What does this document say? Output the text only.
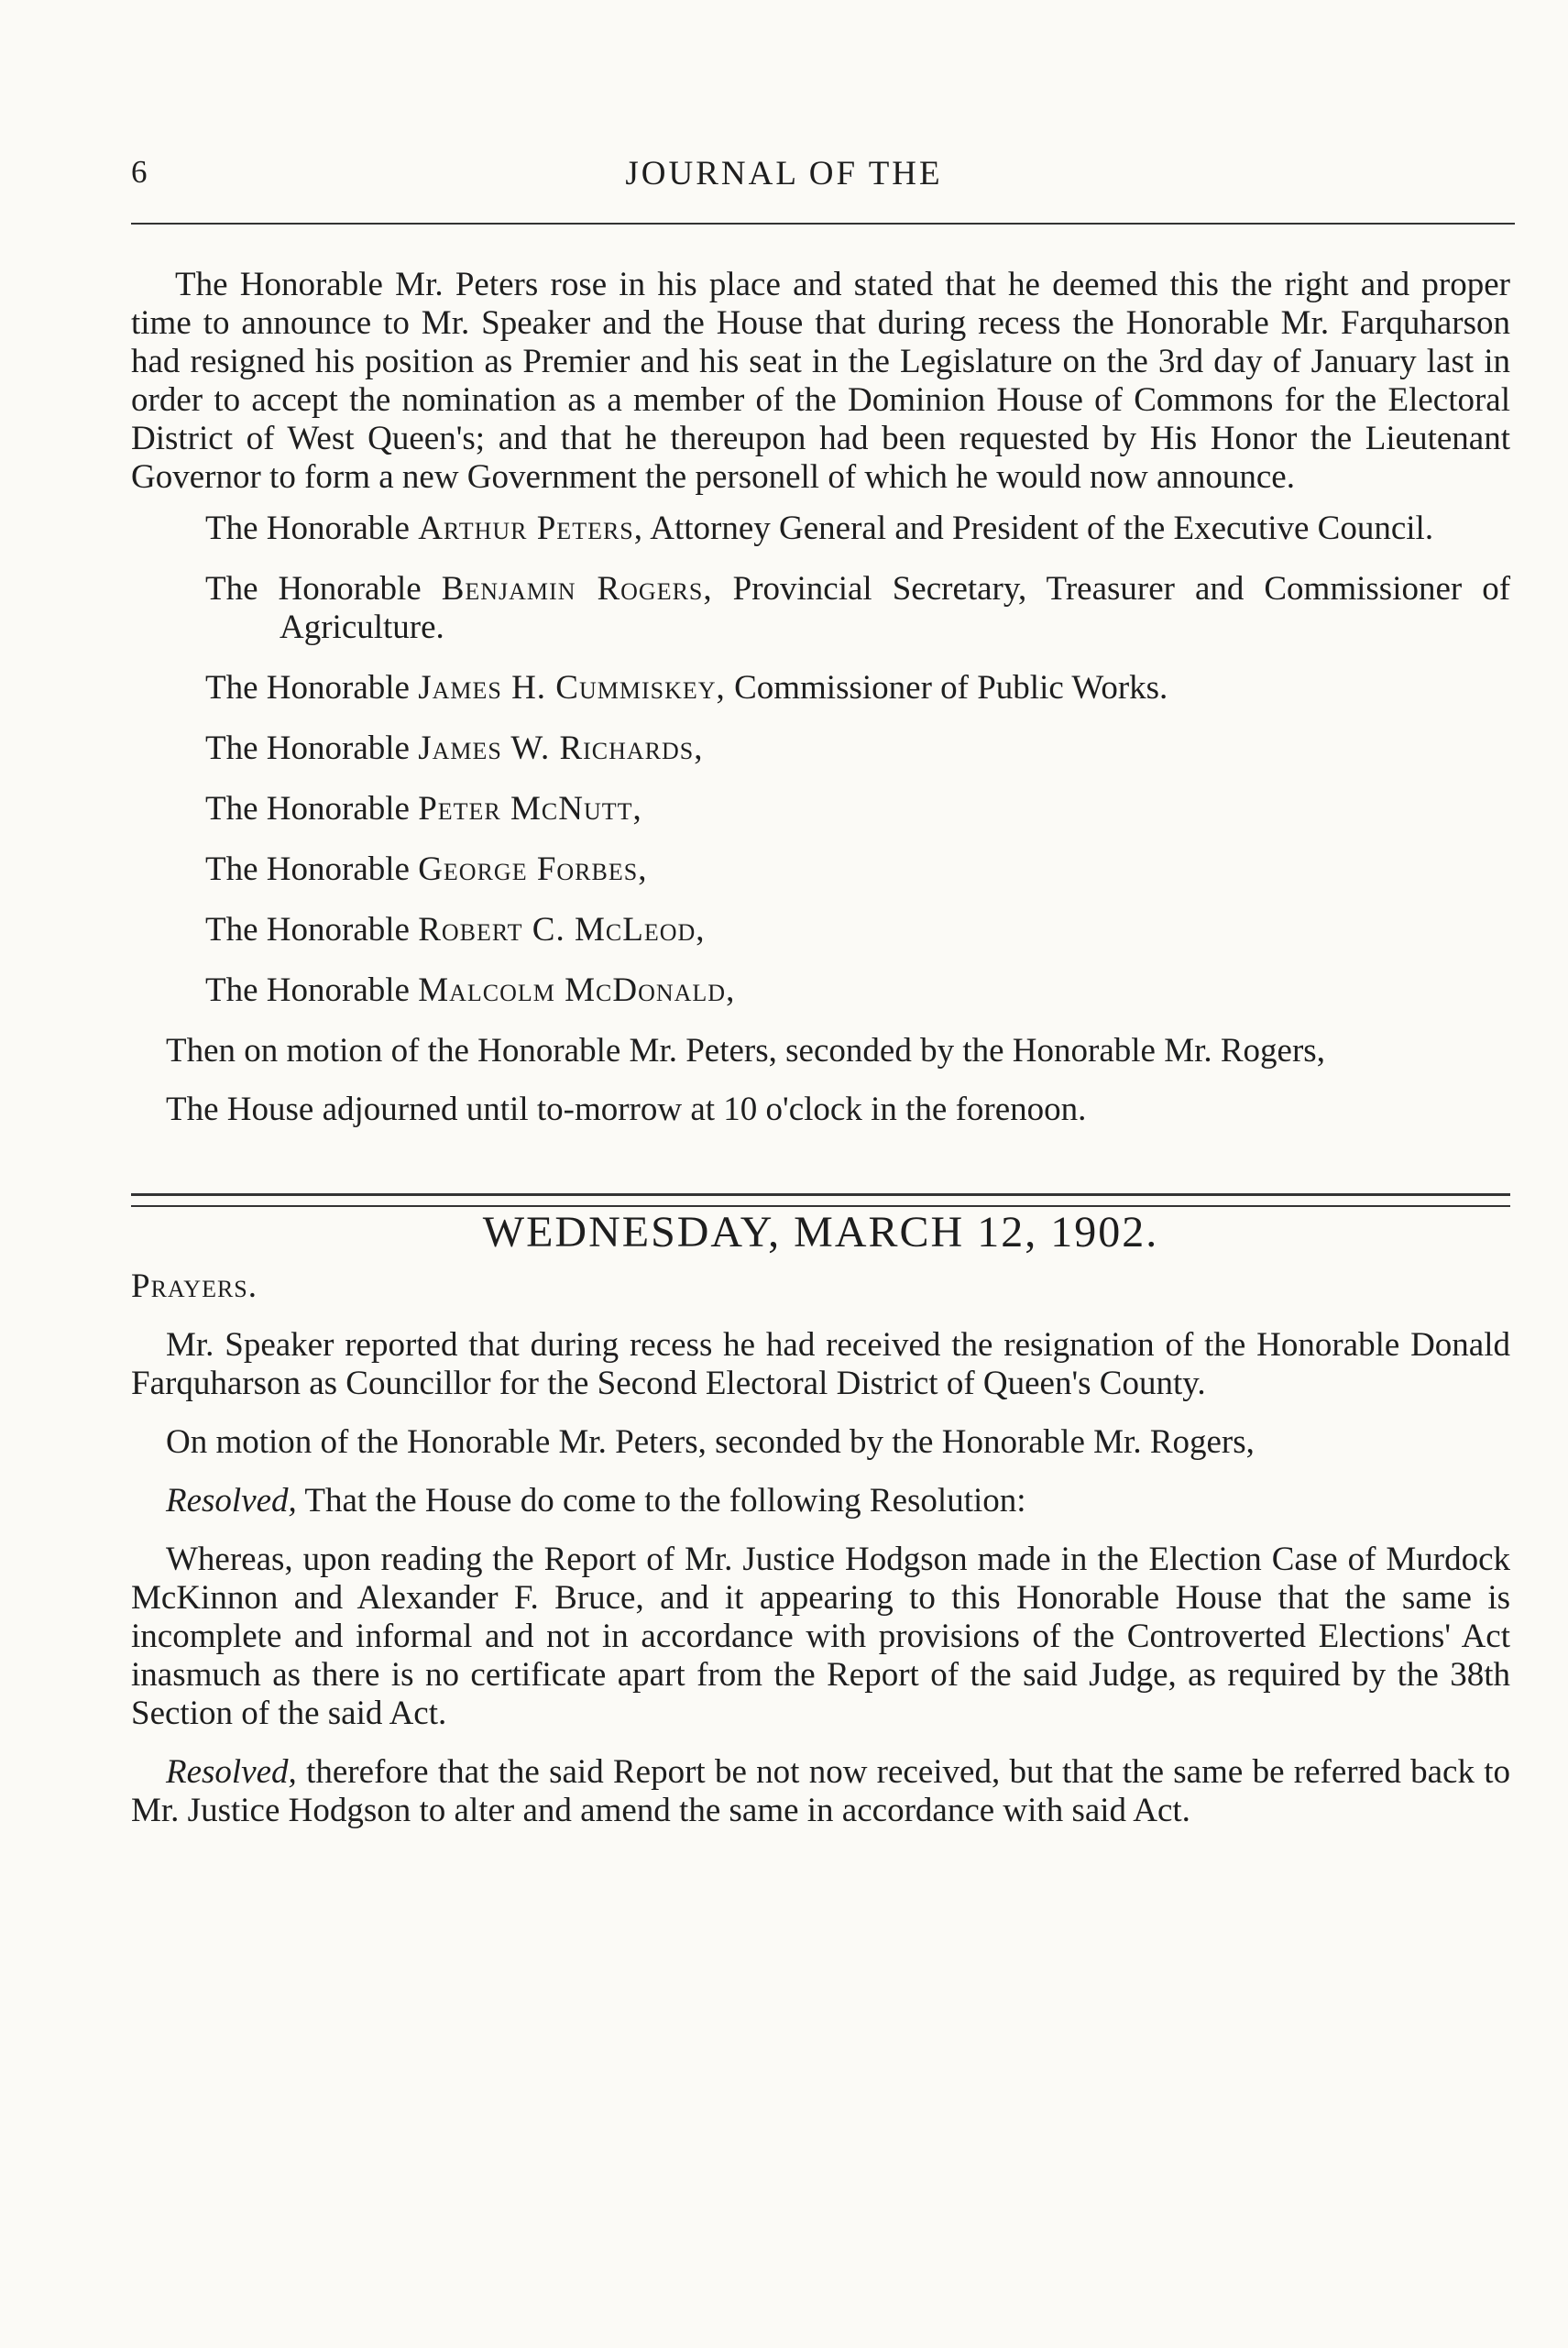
6	JOURNAL OF THE

The Honorable Mr. Peters rose in his place and stated that he deemed this the right and proper time to announce to Mr. Speaker and the House that during recess the Honorable Mr. Farquharson had resigned his position as Premier and his seat in the Legislature on the 3rd day of January last in order to accept the nomination as a member of the Dominion House of Commons for the Electoral District of West Queen's; and that he thereupon had been requested by His Honor the Lieutenant Governor to form a new Government the personell of which he would now announce.

The Honorable Arthur Peters, Attorney General and President of the Executive Council.

The Honorable Benjamin Rogers, Provincial Secretary, Treasurer and Commissioner of Agriculture.

The Honorable James H. Cummiskey, Commissioner of Public Works.

The Honorable James W. Richards,

The Honorable Peter McNutt,

The Honorable George Forbes,

The Honorable Robert C. McLeod,

The Honorable Malcolm McDonald,

Then on motion of the Honorable Mr. Peters, seconded by the Honorable Mr. Rogers,

The House adjourned until to-morrow at 10 o'clock in the forenoon.

WEDNESDAY, MARCH 12, 1902.

Prayers.

Mr. Speaker reported that during recess he had received the resignation of the Honorable Donald Farquharson as Councillor for the Second Electoral District of Queen's County.

On motion of the Honorable Mr. Peters, seconded by the Honorable Mr. Rogers,

Resolved, That the House do come to the following Resolution:

Whereas, upon reading the Report of Mr. Justice Hodgson made in the Election Case of Murdock McKinnon and Alexander F. Bruce, and it appearing to this Honorable House that the same is incomplete and informal and not in accordance with provisions of the Controverted Elections' Act inasmuch as there is no certificate apart from the Report of the said Judge, as required by the 38th Section of the said Act.

Resolved, therefore that the said Report be not now received, but that the same be referred back to Mr. Justice Hodgson to alter and amend the same in accordance with said Act.
